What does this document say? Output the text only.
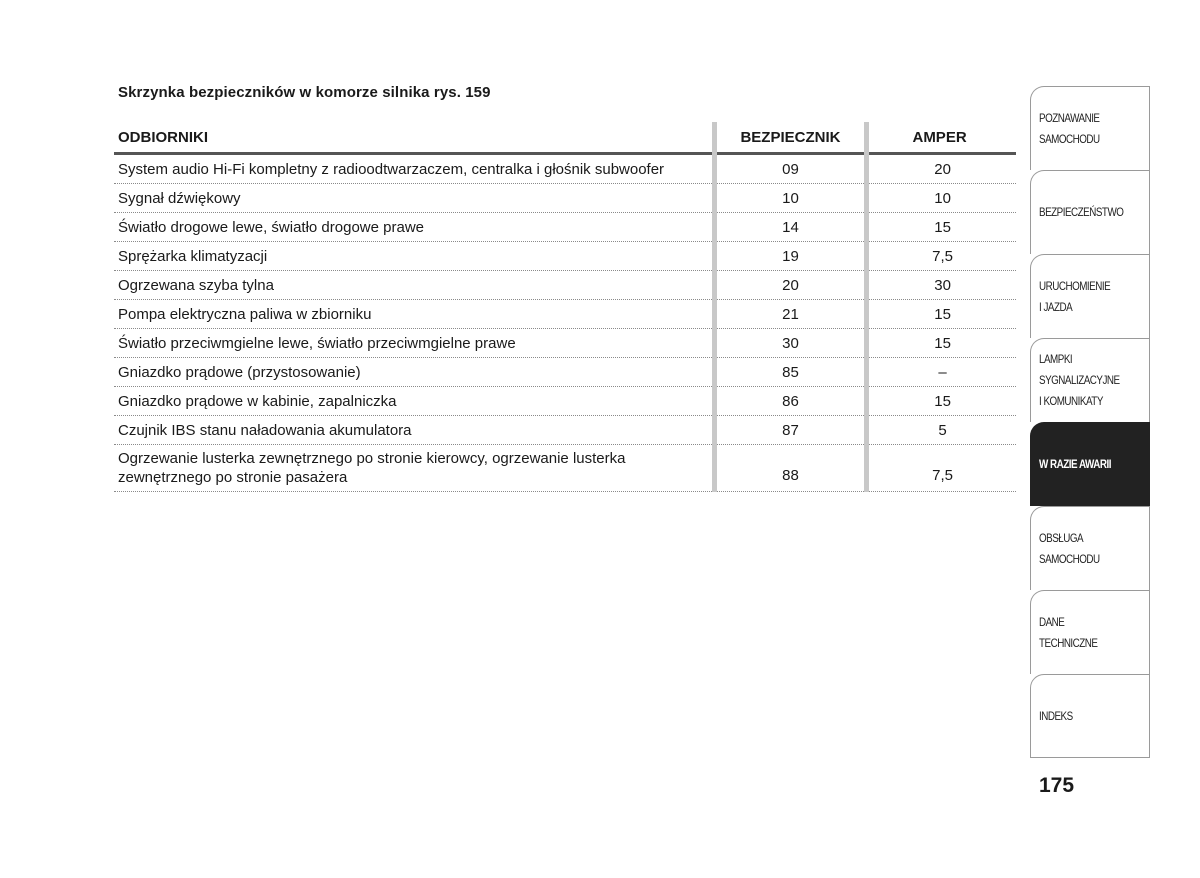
Skrzynka bezpieczników w komorze silnika rys. 159
ODBIORNIKI	BEZPIECZNIK	AMPER
System audio Hi-Fi kompletny z radioodtwarzaczem, centralka i głośnik subwoofer	09	20
Sygnał dźwiękowy	10	10
Światło drogowe lewe, światło drogowe prawe	14	15
Sprężarka klimatyzacji	19	7,5
Ogrzewana szyba tylna	20	30
Pompa elektryczna paliwa w zbiorniku	21	15
Światło przeciwmgielne lewe, światło przeciwmgielne prawe	30	15
Gniazdko prądowe (przystosowanie)	85	–
Gniazdko prądowe w kabinie, zapalniczka	86	15
Czujnik IBS stanu naładowania akumulatora	87	5
Ogrzewanie lusterka zewnętrznego po stronie kierowcy, ogrzewanie lusterka
zewnętrznego po stronie pasażera	88	7,5
POZNAWANIE
SAMOCHODU
BEZPIECZEŃSTWO
URUCHOMIENIE
I JAZDA
LAMPKI
SYGNALIZACYJNE
I KOMUNIKATY
W RAZIE AWARII
OBSŁUGA
SAMOCHODU
DANE
TECHNICZNE
INDEKS
175
